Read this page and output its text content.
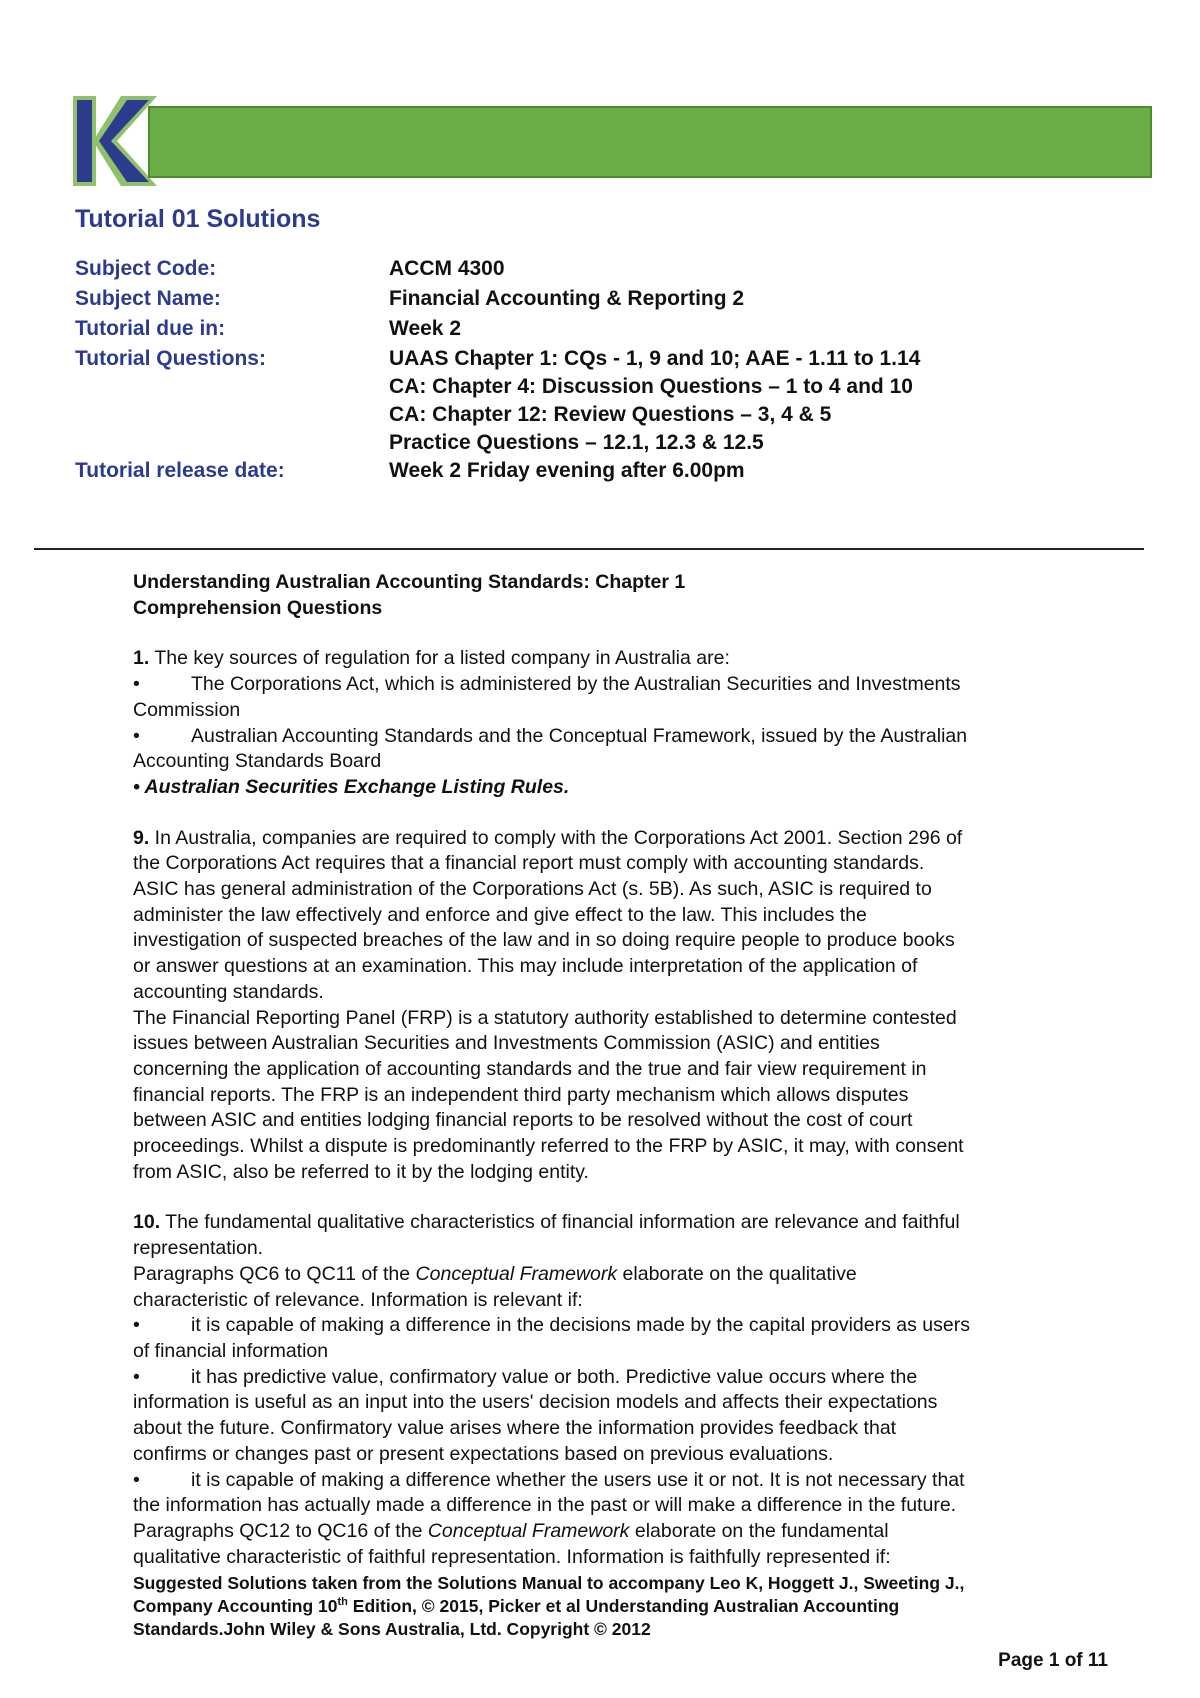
Tutorial 01 Solutions
Subject Code:	ACCM 4300
Subject Name:	Financial Accounting & Reporting 2
Tutorial due in:	Week 2
Tutorial Questions:	UAAS Chapter 1: CQs - 1, 9 and 10; AAE - 1.11 to 1.14
CA: Chapter 4: Discussion Questions – 1 to 4 and 10
CA: Chapter 12: Review Questions – 3, 4 & 5
Practice Questions – 12.1, 12.3 & 12.5
Tutorial release date:	Week 2 Friday evening after 6.00pm

Understanding Australian Accounting Standards: Chapter 1

Comprehension Questions

1. The key sources of regulation for a listed company in Australia are:

•	The Corporations Act, which is administered by the Australian Securities and Investments

Commission

•	Australian Accounting Standards and the Conceptual Framework, issued by the Australian

Accounting Standards Board

• Australian Securities Exchange Listing Rules.

9. In Australia, companies are required to comply with the Corporations Act 2001. Section 296 of

the Corporations Act requires that a financial report must comply with accounting standards.

ASIC has general administration of the Corporations Act (s. 5B). As such, ASIC is required to

administer the law effectively and enforce and give effect to the law. This includes the

investigation of suspected breaches of the law and in so doing require people to produce books

or answer questions at an examination. This may include interpretation of the application of

accounting standards.

The Financial Reporting Panel (FRP) is a statutory authority established to determine contested

issues between Australian Securities and Investments Commission (ASIC) and entities

concerning the application of accounting standards and the true and fair view requirement in

financial reports. The FRP is an independent third party mechanism which allows disputes

between ASIC and entities lodging financial reports to be resolved without the cost of court

proceedings. Whilst a dispute is predominantly referred to the FRP by ASIC, it may, with consent

from ASIC, also be referred to it by the lodging entity.

10. The fundamental qualitative characteristics of financial information are relevance and faithful

representation.

Paragraphs QC6 to QC11 of the Conceptual Framework elaborate on the qualitative

characteristic of relevance. Information is relevant if:

•	it is capable of making a difference in the decisions made by the capital providers as users

of financial information

•	it has predictive value, confirmatory value or both. Predictive value occurs where the

information is useful as an input into the users' decision models and affects their expectations

about the future. Confirmatory value arises where the information provides feedback that

confirms or changes past or present expectations based on previous evaluations.

•	it is capable of making a difference whether the users use it or not. It is not necessary that

the information has actually made a difference in the past or will make a difference in the future.

Paragraphs QC12 to QC16 of the Conceptual Framework elaborate on the fundamental

qualitative characteristic of faithful representation. Information is faithfully represented if:

Suggested Solutions taken from the Solutions Manual to accompany Leo K, Hoggett J., Sweeting J.,
Company Accounting 10th Edition, © 2015, Picker et al Understanding Australian Accounting
Standards.John Wiley & Sons Australia, Ltd. Copyright © 2012
Page 1 of 11
